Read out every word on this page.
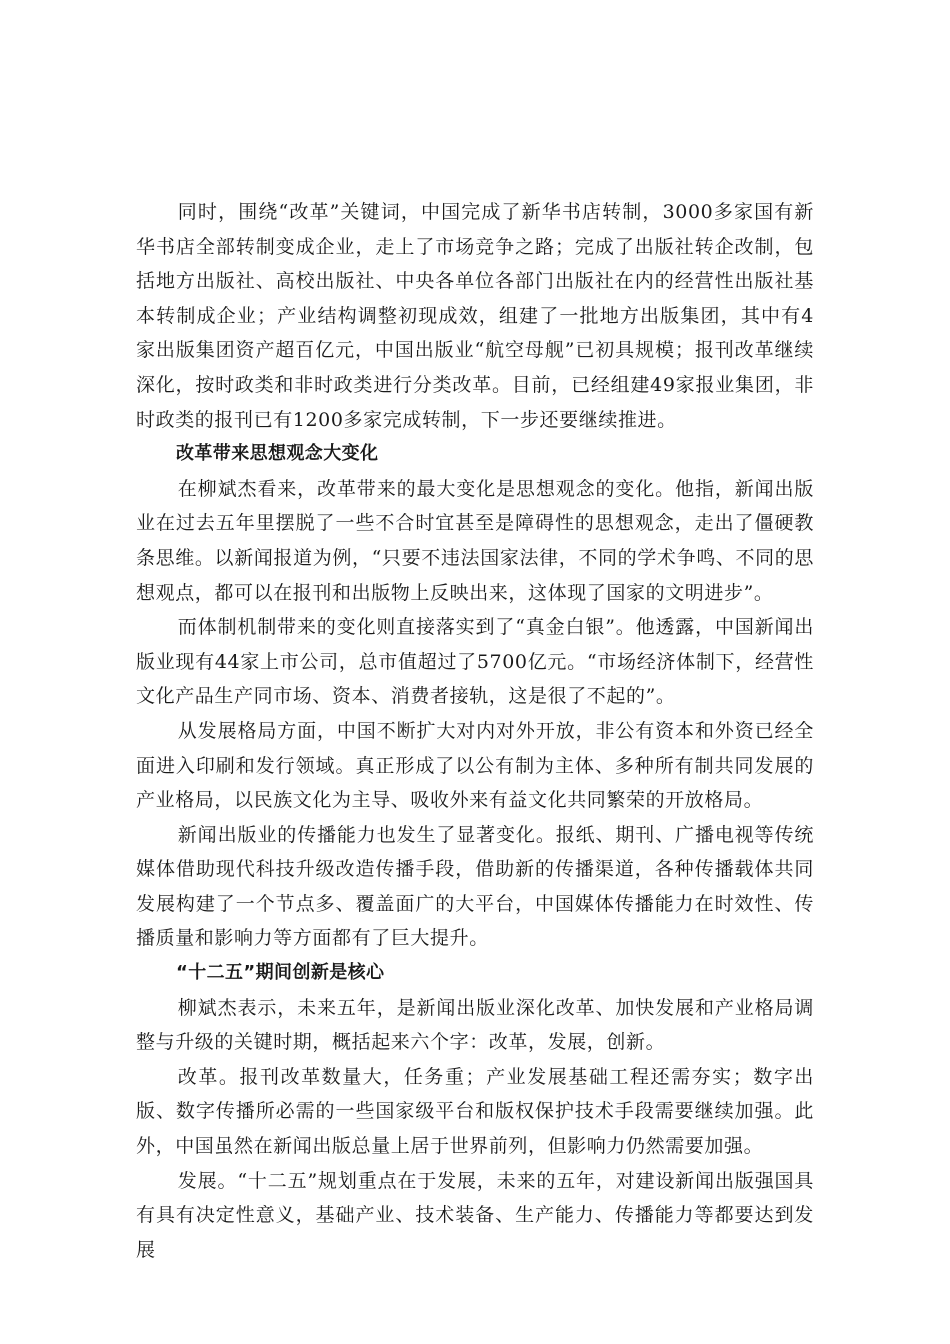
同时，围绕“改革”关键词，中国完成了新华书店转制，3000多家国有新华书店全部转制变成企业，走上了市场竞争之路；完成了出版社转企改制，包括地方出版社、高校出版社、中央各单位各部门出版社在内的经营性出版社基本转制成企业；产业结构调整初现成效，组建了一批地方出版集团，其中有4家出版集团资产超百亿元，中国出版业“航空母舰”已初具规模；报刊改革继续深化，按时政类和非时政类进行分类改革。目前，已经组建49家报业集团，非时政类的报刊已有1200多家完成转制，下一步还要继续推进。

改革带来思想观念大变化

在柳斌杰看来，改革带来的最大变化是思想观念的变化。他指，新闻出版业在过去五年里摆脱了一些不合时宜甚至是障碍性的思想观念，走出了僵硬教条思维。以新闻报道为例，“只要不违法国家法律，不同的学术争鸣、不同的思想观点，都可以在报刊和出版物上反映出来，这体现了国家的文明进步”。

而体制机制带来的变化则直接落实到了“真金白银”。他透露，中国新闻出版业现有44家上市公司，总市值超过了5700亿元。“市场经济体制下，经营性文化产品生产同市场、资本、消费者接轨，这是很了不起的”。

从发展格局方面，中国不断扩大对内对外开放，非公有资本和外资已经全面进入印刷和发行领域。真正形成了以公有制为主体、多种所有制共同发展的产业格局，以民族文化为主导、吸收外来有益文化共同繁荣的开放格局。

新闻出版业的传播能力也发生了显著变化。报纸、期刊、广播电视等传统媒体借助现代科技升级改造传播手段，借助新的传播渠道，各种传播载体共同发展构建了一个节点多、覆盖面广的大平台，中国媒体传播能力在时效性、传播质量和影响力等方面都有了巨大提升。

“十二五”期间创新是核心

柳斌杰表示，未来五年，是新闻出版业深化改革、加快发展和产业格局调整与升级的关键时期，概括起来六个字：改革，发展，创新。

改革。报刊改革数量大，任务重；产业发展基础工程还需夯实；数字出版、数字传播所必需的一些国家级平台和版权保护技术手段需要继续加强。此外，中国虽然在新闻出版总量上居于世界前列，但影响力仍然需要加强。

发展。“十二五”规划重点在于发展，未来的五年，对建设新闻出版强国具有具有决定性意义，基础产业、技术装备、生产能力、传播能力等都要达到发展
